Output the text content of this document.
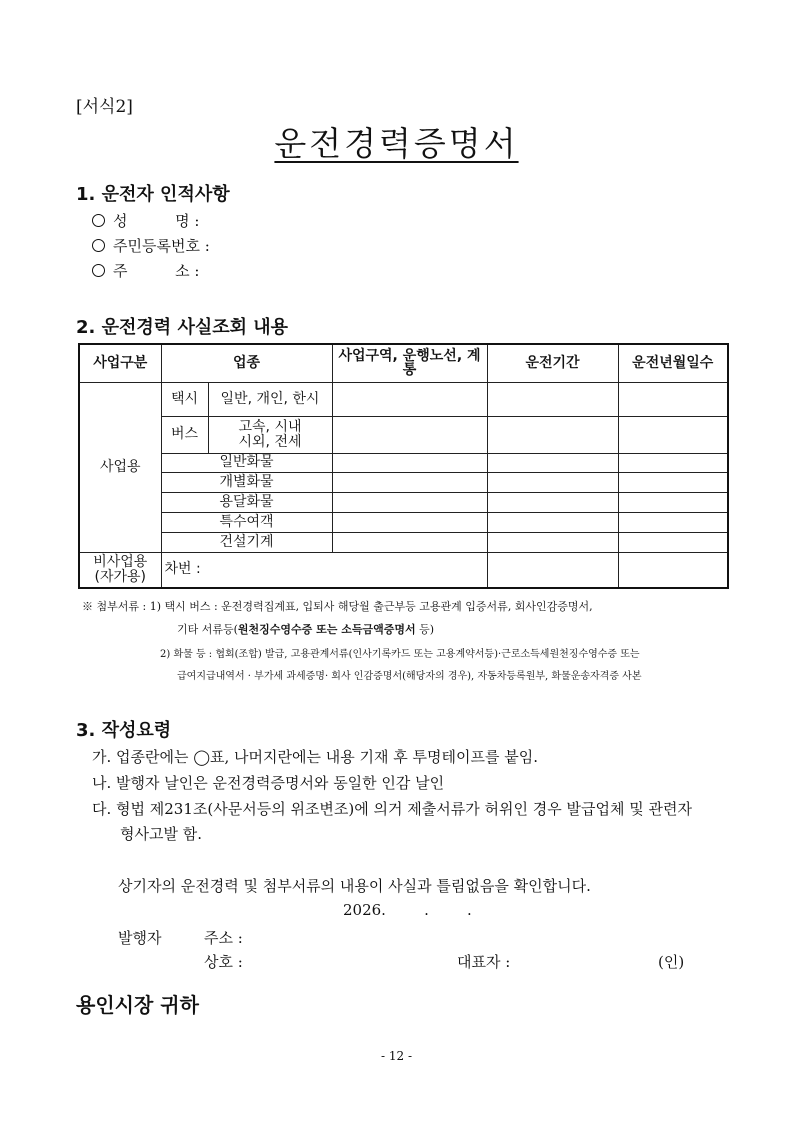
[서식2]
운전경력증명서
1. 운전자 인적사항
성          명 :
주민등록번호 :
주          소 :
2. 운전경력 사실조회 내용
사업구분	업종		사업구역, 운행노선, 계통	운전기간	운전년월일수
사업용	택시	일반, 개인, 한시			
	버스	고속, 시내
시외, 전세			

	일반화물				
	개별화물				
	용달화물				
	특수여객				
	건설기계				

비사업용
(자가용)	차번 :				
※ 첨부서류 : 1) 택시 버스 : 운전경력집계표, 입퇴사 해당월 출근부등 고용관계 입증서류, 회사인감증명서,
기타 서류등(원천징수영수증 또는 소득금액증명서 등)
2) 화물 등 : 협회(조합) 발급, 고용관계서류(인사기록카드 또는 고용계약서등)·근로소득세원천징수영수증 또는
급여지급내역서 · 부가세 과세증명· 회사 인감증명서(해당자의 경우), 자동차등록원부, 화물운송자격증 사본
3. 작성요령
가. 업종란에는 ◯표, 나머지란에는 내용 기재 후 투명테이프를 붙임.
나. 발행자 날인은 운전경력증명서와 동일한 인감 날인
다. 형법 제231조(사문서등의 위조변조)에 의거 제출서류가 허위인 경우 발급업체 및 관련자
형사고발 함.
상기자의 운전경력 및 첨부서류의 내용이 사실과 틀림없음을 확인합니다.
2026.        .        .
발행자	주소 :
상호 :	대표자 :	(인)
용인시장 귀하
- 12 -
